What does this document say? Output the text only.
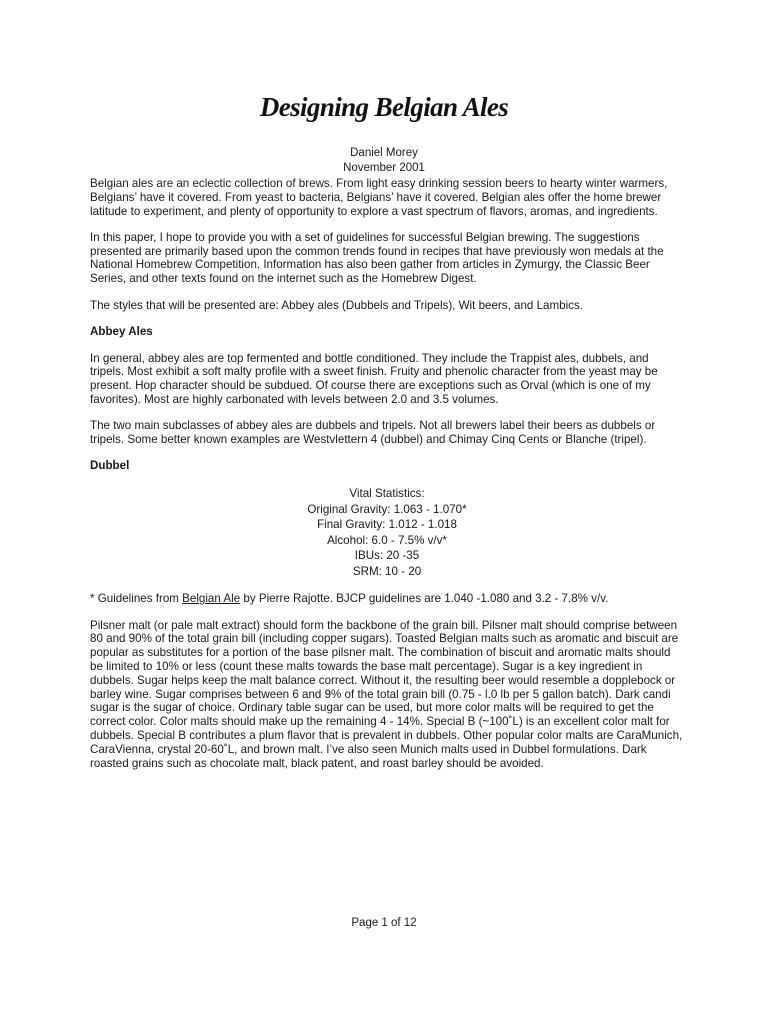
Designing Belgian Ales
Daniel Morey
November 2001

Belgian ales are an eclectic collection of brews. From light easy drinking session beers to hearty winter warmers, Belgians’ have it covered. From yeast to bacteria, Belgians’ have it covered. Belgian ales offer the home brewer latitude to experiment, and plenty of opportunity to explore a vast spectrum of flavors, aromas, and ingredients.

In this paper, I hope to provide you with a set of guidelines for successful Belgian brewing. The suggestions presented are primarily based upon the common trends found in recipes that have previously won medals at the National Homebrew Competition. Information has also been gather from articles in Zymurgy, the Classic Beer Series, and other texts found on the internet such as the Homebrew Digest.

The styles that will be presented are: Abbey ales (Dubbels and Tripels), Wit beers, and Lambics.

Abbey Ales

In general, abbey ales are top fermented and bottle conditioned. They include the Trappist ales, dubbels, and tripels. Most exhibit a soft malty profile with a sweet finish. Fruity and phenolic character from the yeast may be present. Hop character should be subdued. Of course there are exceptions such as Orval (which is one of my favorites). Most are highly carbonated with levels between 2.0 and 3.5 volumes.

The two main subclasses of abbey ales are dubbels and tripels. Not all brewers label their beers as dubbels or tripels. Some better known examples are Westvlettern 4 (dubbel) and Chimay Cinq Cents or Blanche (tripel).

Dubbel
Vital Statistics:
Original Gravity: 1.063 - 1.070*
Final Gravity: 1.012 - 1.018
Alcohol: 6.0 - 7.5% v/v*
IBUs: 20 -35
SRM: 10 - 20

* Guidelines from Belgian Ale by Pierre Rajotte. BJCP guidelines are 1.040 -1.080 and 3.2 - 7.8% v/v.

Pilsner malt (or pale malt extract) should form the backbone of the grain bill. Pilsner malt should comprise between 80 and 90% of the total grain bill (including copper sugars). Toasted Belgian malts such as aromatic and biscuit are popular as substitutes for a portion of the base pilsner malt. The combination of biscuit and aromatic malts should be limited to 10% or less (count these malts towards the base malt percentage). Sugar is a key ingredient in dubbels. Sugar helps keep the malt balance correct. Without it, the resulting beer would resemble a dopplebock or barley wine. Sugar comprises between 6 and 9% of the total grain bill (0.75 - l.0 lb per 5 gallon batch). Dark candi sugar is the sugar of choice. Ordinary table sugar can be used, but more color malts will be required to get the correct color. Color malts should make up the remaining 4 - 14%. Special B (~100˚L) is an excellent color malt for dubbels. Special B contributes a plum flavor that is prevalent in dubbels. Other popular color malts are CaraMunich, CaraVienna, crystal 20-60˚L, and brown malt. I’ve also seen Munich malts used in Dubbel formulations. Dark roasted grains such as chocolate malt, black patent, and roast barley should be avoided.

Page 1 of 12
